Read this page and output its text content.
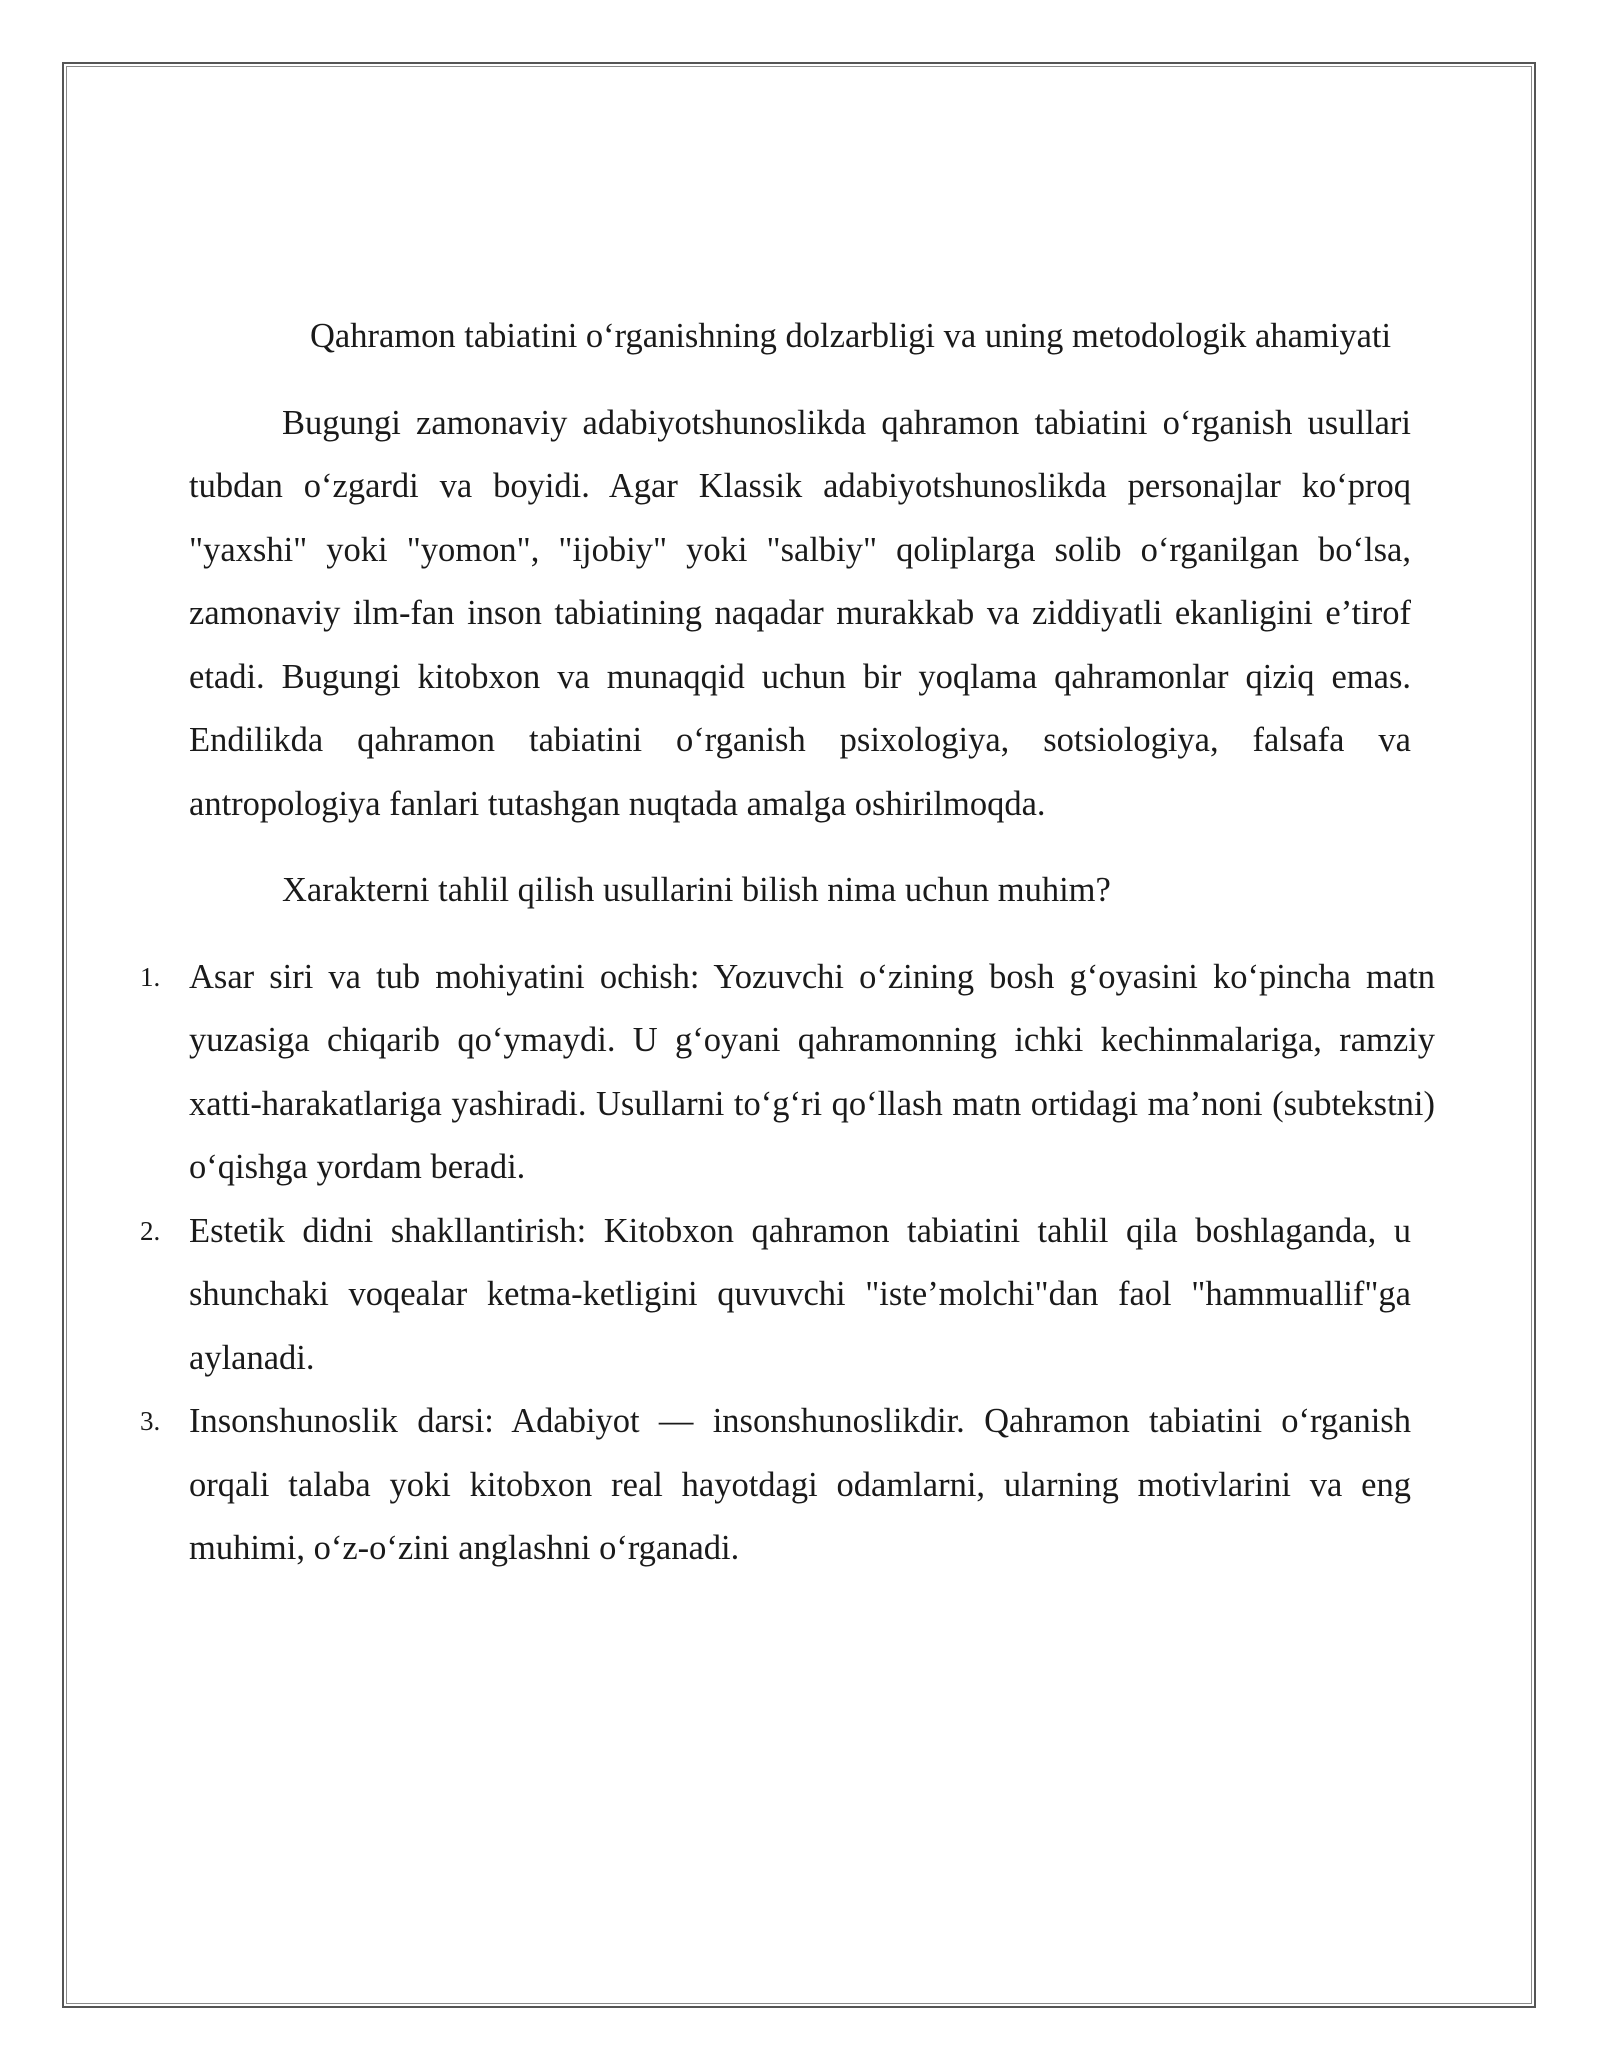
Qahramon tabiatini o‘rganishning dolzarbligi va uning metodologik ahamiyati

Bugungi zamonaviy adabiyotshunoslikda qahramon tabiatini o‘rganish usullari tubdan o‘zgardi va boyidi. Agar Klassik adabiyotshunoslikda personajlar ko‘proq "yaxshi" yoki "yomon", "ijobiy" yoki "salbiy" qoliplarga solib o‘rganilgan bo‘lsa, zamonaviy ilm-fan inson tabiatining naqadar murakkab va ziddiyatli ekanligini e’tirof etadi. Bugungi kitobxon va munaqqid uchun bir yoqlama qahramonlar qiziq emas. Endilikda qahramon tabiatini o‘rganish psixologiya, sotsiologiya, falsafa va antropologiya fanlari tutashgan nuqtada amalga oshirilmoqda.

Xarakterni tahlil qilish usullarini bilish nima uchun muhim?

1. Asar siri va tub mohiyatini ochish: Yozuvchi o‘zining bosh g‘oyasini ko‘pincha matn yuzasiga chiqarib qo‘ymaydi. U g‘oyani qahramonning ichki kechinmalariga, ramziy xatti-harakatlariga yashiradi. Usullarni to‘g‘ri qo‘llash matn ortidagi ma’noni (subtekstni) o‘qishga yordam beradi.
2. Estetik didni shakllantirish: Kitobxon qahramon tabiatini tahlil qila boshlaganda, u shunchaki voqealar ketma-ketligini quvuvchi "iste’molchi"dan faol "hammuallif"ga aylanadi.
3. Insonshunoslik darsi: Adabiyot — insonshunoslikdir. Qahramon tabiatini o‘rganish orqali talaba yoki kitobxon real hayotdagi odamlarni, ularning motivlarini va eng muhimi, o‘z-o‘zini anglashni o‘rganadi.
